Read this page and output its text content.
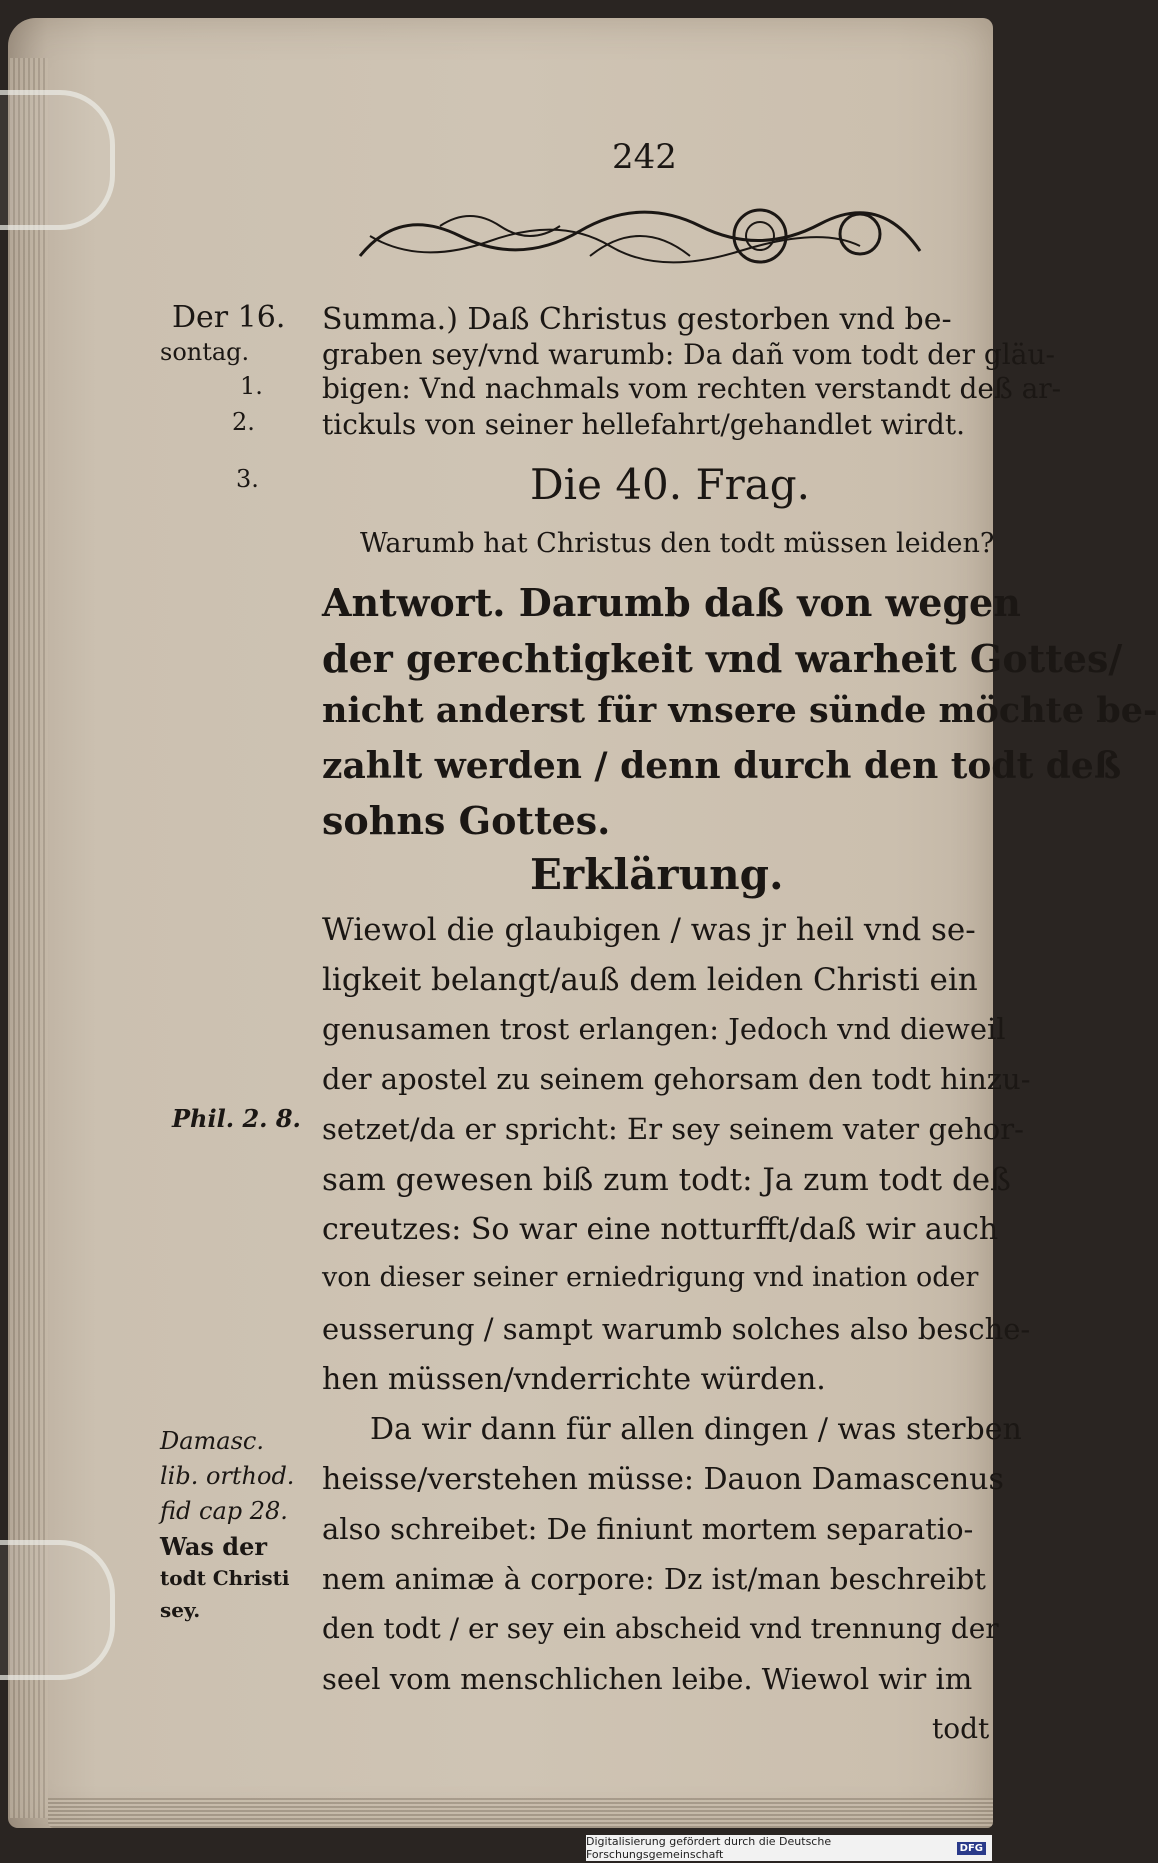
242
Der 16.
sontag.
1.
2.
3.
Phil. 2. 8.
Damasc.
lib. orthod.
fid cap 28.
Was der
todt Christi
sey.
Summa.) Daß Christus gestorben vnd be-
graben sey/vnd warumb: Da dañ vom todt der gläu-
bigen: Vnd nachmals vom rechten verstandt deß ar-
tickuls von seiner hellefahrt/gehandlet wirdt.
Die 40. Frag.
Warumb hat Christus den todt müssen leiden?
Antwort. Darumb daß von wegen
der gerechtigkeit vnd warheit Gottes/
nicht anderst für vnsere sünde möchte be-
zahlt werden / denn durch den todt deß
sohns Gottes.
Erklärung.
Wiewol die glaubigen / was jr heil vnd se-
ligkeit belangt/auß dem leiden Christi ein
genusamen trost erlangen: Jedoch vnd dieweil
der apostel zu seinem gehorsam den todt hinzu-
setzet/da er spricht: Er sey seinem vater gehor-
sam gewesen biß zum todt: Ja zum todt deß
creutzes: So war eine notturfft/daß wir auch
von dieser seiner erniedrigung vnd ination oder
eusserung / sampt warumb solches also besche-
hen müssen/vnderrichte würden.
Da wir dann für allen dingen / was sterben
heisse/verstehen müsse: Dauon Damascenus
also schreibet: De finiunt mortem separatio-
nem animæ à corpore: Dz ist/man beschreibt
den todt / er sey ein abscheid vnd trennung der
seel vom menschlichen leibe. Wiewol wir im
todt
Digitalisierung gefördert durch die Deutsche Forschungsgemeinschaft	DFG
